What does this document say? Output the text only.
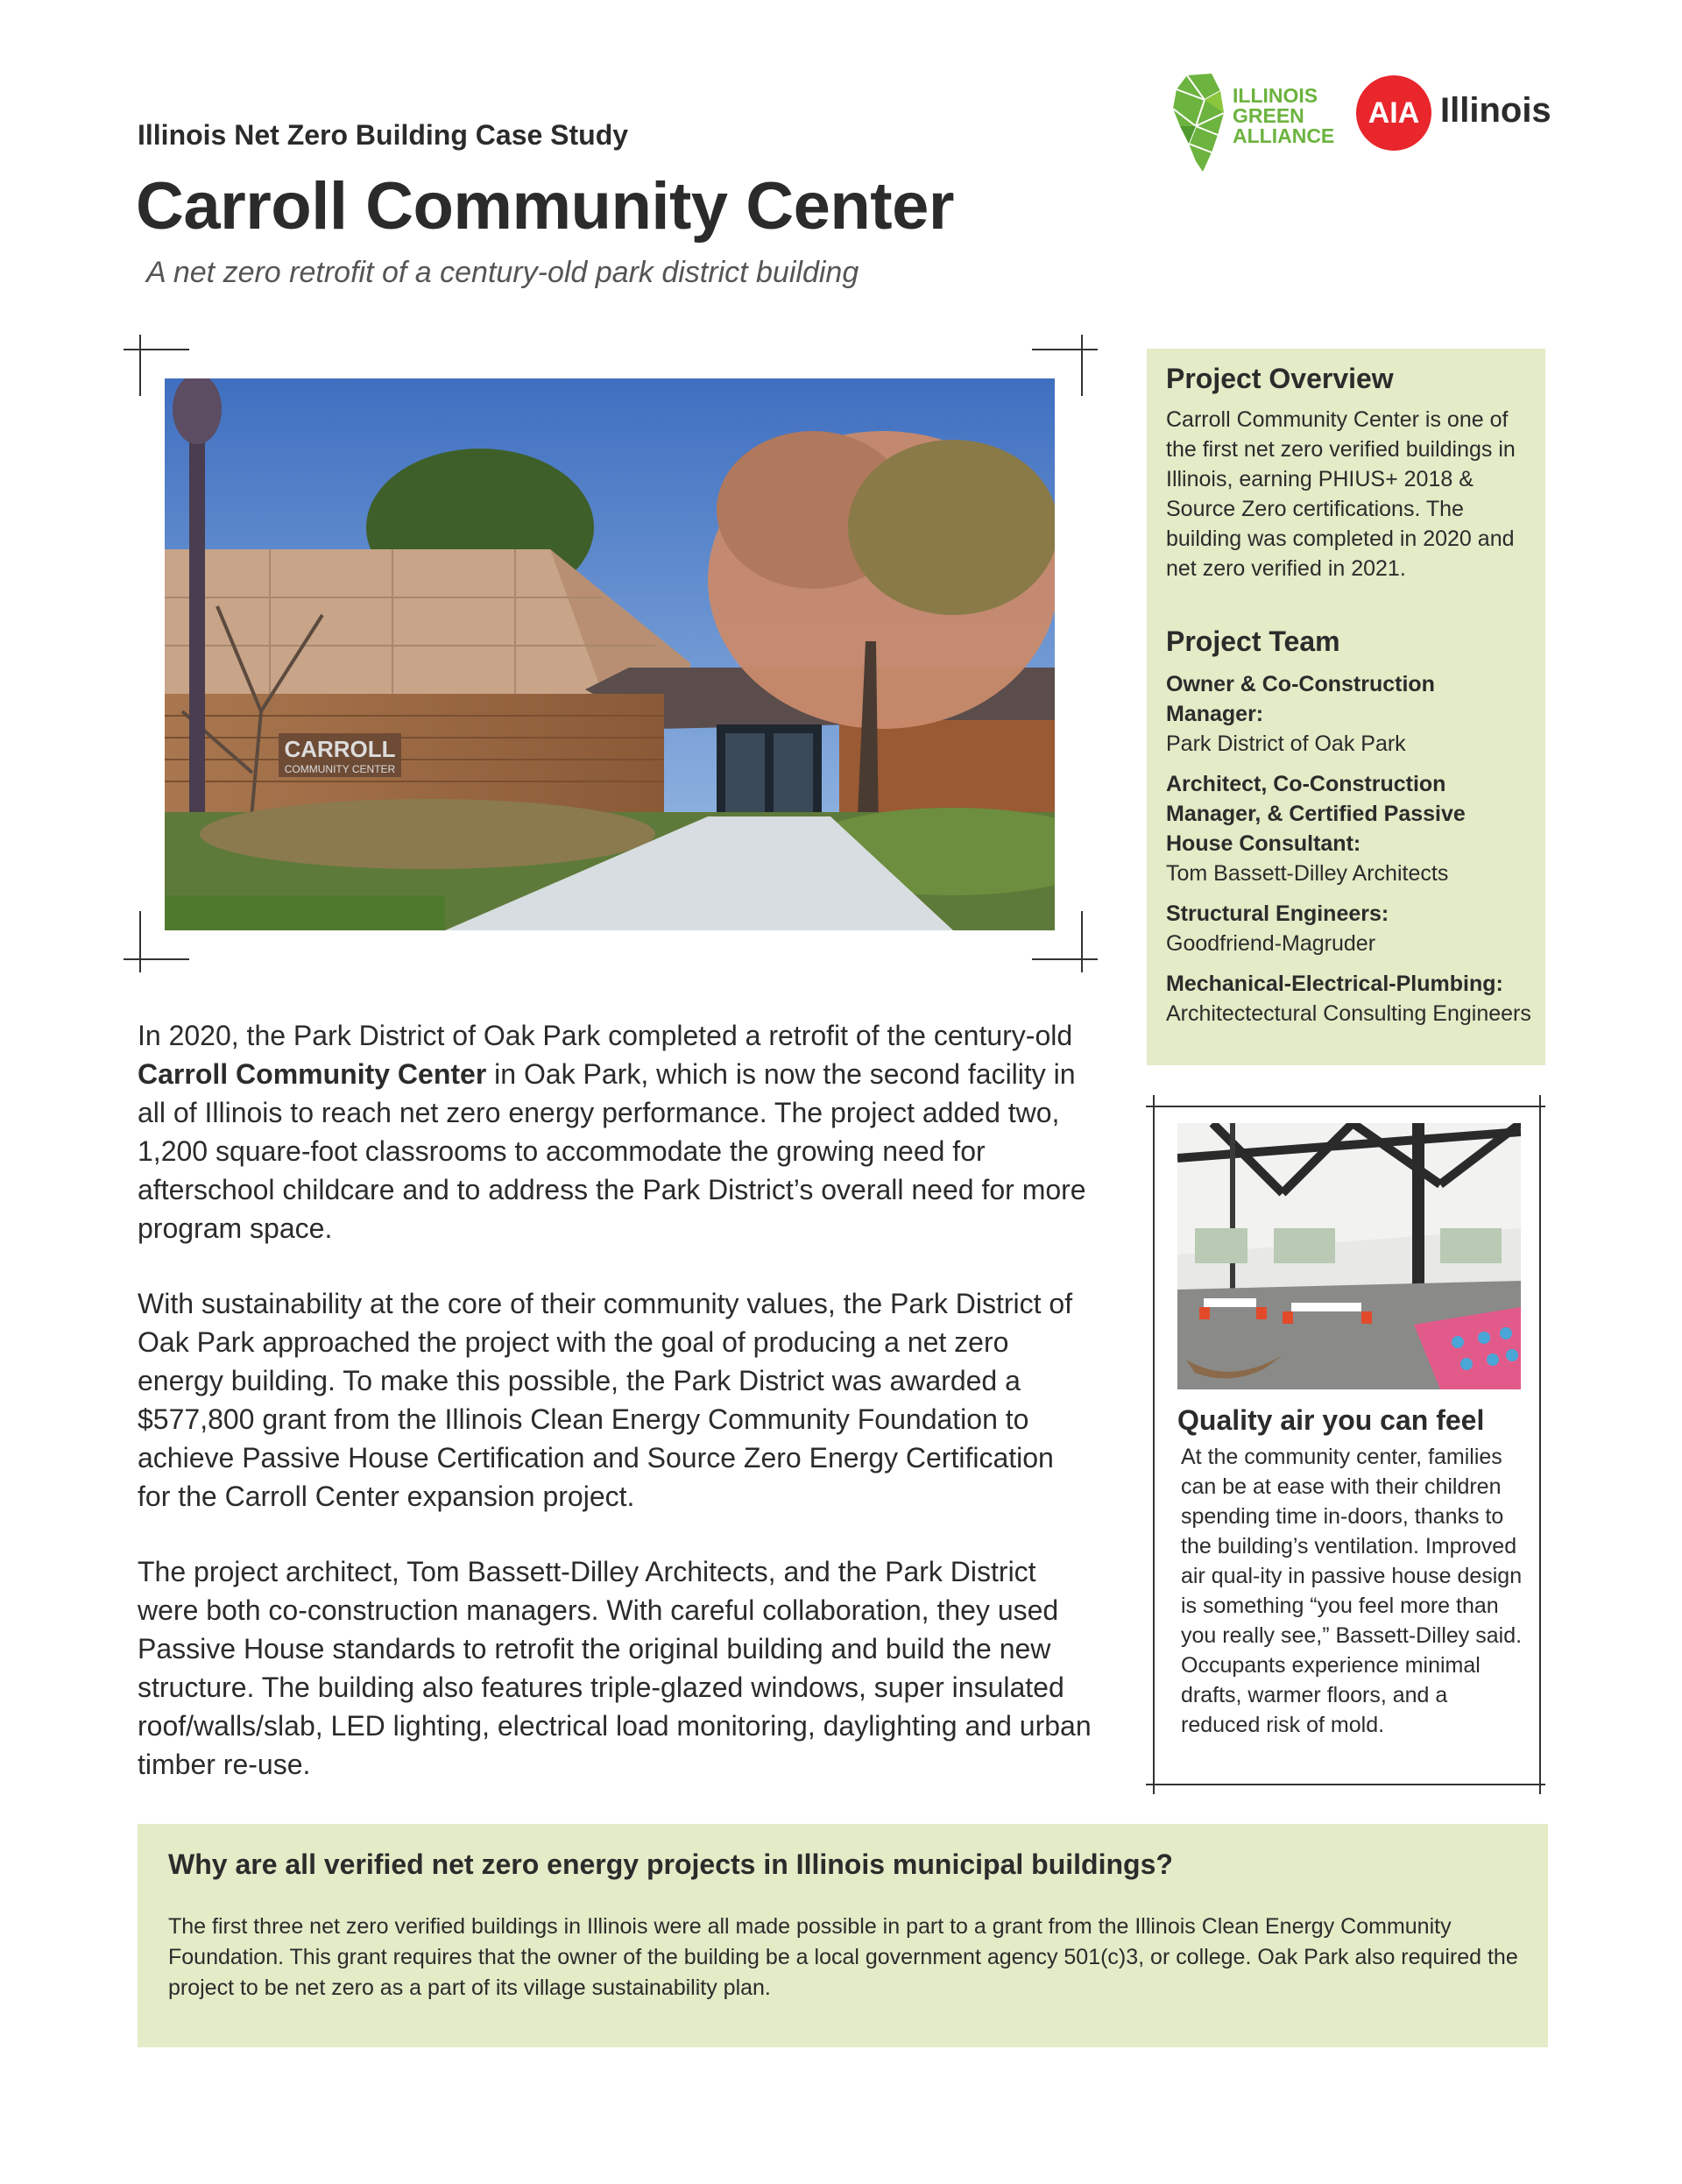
Illinois Net Zero Building Case Study
Carroll Community Center
A net zero retrofit of a century-old park district building
ILLINOIS
GREEN
ALLIANCE
AIA Illinois
CARROLL
COMMUNITY CENTER
In 2020, the Park District of Oak Park completed a retrofit of the century-old Carroll Community Center in Oak Park, which is now the second facility in all of Illinois to reach net zero energy performance. The project added two, 1,200 square-foot classrooms to accommodate the growing need for afterschool childcare and to address the Park District’s overall need for more program space.
With sustainability at the core of their community values, the Park District of Oak Park approached the project with the goal of producing a net zero energy building. To make this possible, the Park District was awarded a $577,800 grant from the Illinois Clean Energy Community Foundation to achieve Passive House Certification and Source Zero Energy Certification for the Carroll Center expansion project.
The project architect, Tom Bassett-Dilley Architects, and the Park District were both co-construction managers. With careful collaboration, they used Passive House standards to retrofit the original building and build the new structure. The building also features triple-glazed windows, super insulated roof/walls/slab, LED lighting, electrical load monitoring, daylighting and urban timber re-use.
Project Overview
Carroll Community Center is one of the first net zero verified buildings in Illinois, earning PHIUS+ 2018 & Source Zero certifications. The building was completed in 2020 and net zero verified in 2021.
Project Team
Owner & Co-Construction Manager:
Park District of Oak Park
Architect, Co-Construction Manager, & Certified Passive House Consultant:
Tom Bassett-Dilley Architects
Structural Engineers:
Goodfriend-Magruder
Mechanical-Electrical-Plumbing:
Architectectural Consulting Engineers
Quality air you can feel
At the community center, families can be at ease with their children spending time in-doors, thanks to the building’s ventilation. Improved air qual-ity in passive house design is something “you feel more than you really see,” Bassett-Dilley said. Occupants experience minimal drafts, warmer floors, and a reduced risk of mold.
Why are all verified net zero energy projects in Illinois municipal buildings?
The first three net zero verified buildings in Illinois were all made possible in part to a grant from the Illinois Clean Energy Community Foundation. This grant requires that the owner of the building be a local government agency 501(c)3, or college. Oak Park also required the project to be net zero as a part of its village sustainability plan.
